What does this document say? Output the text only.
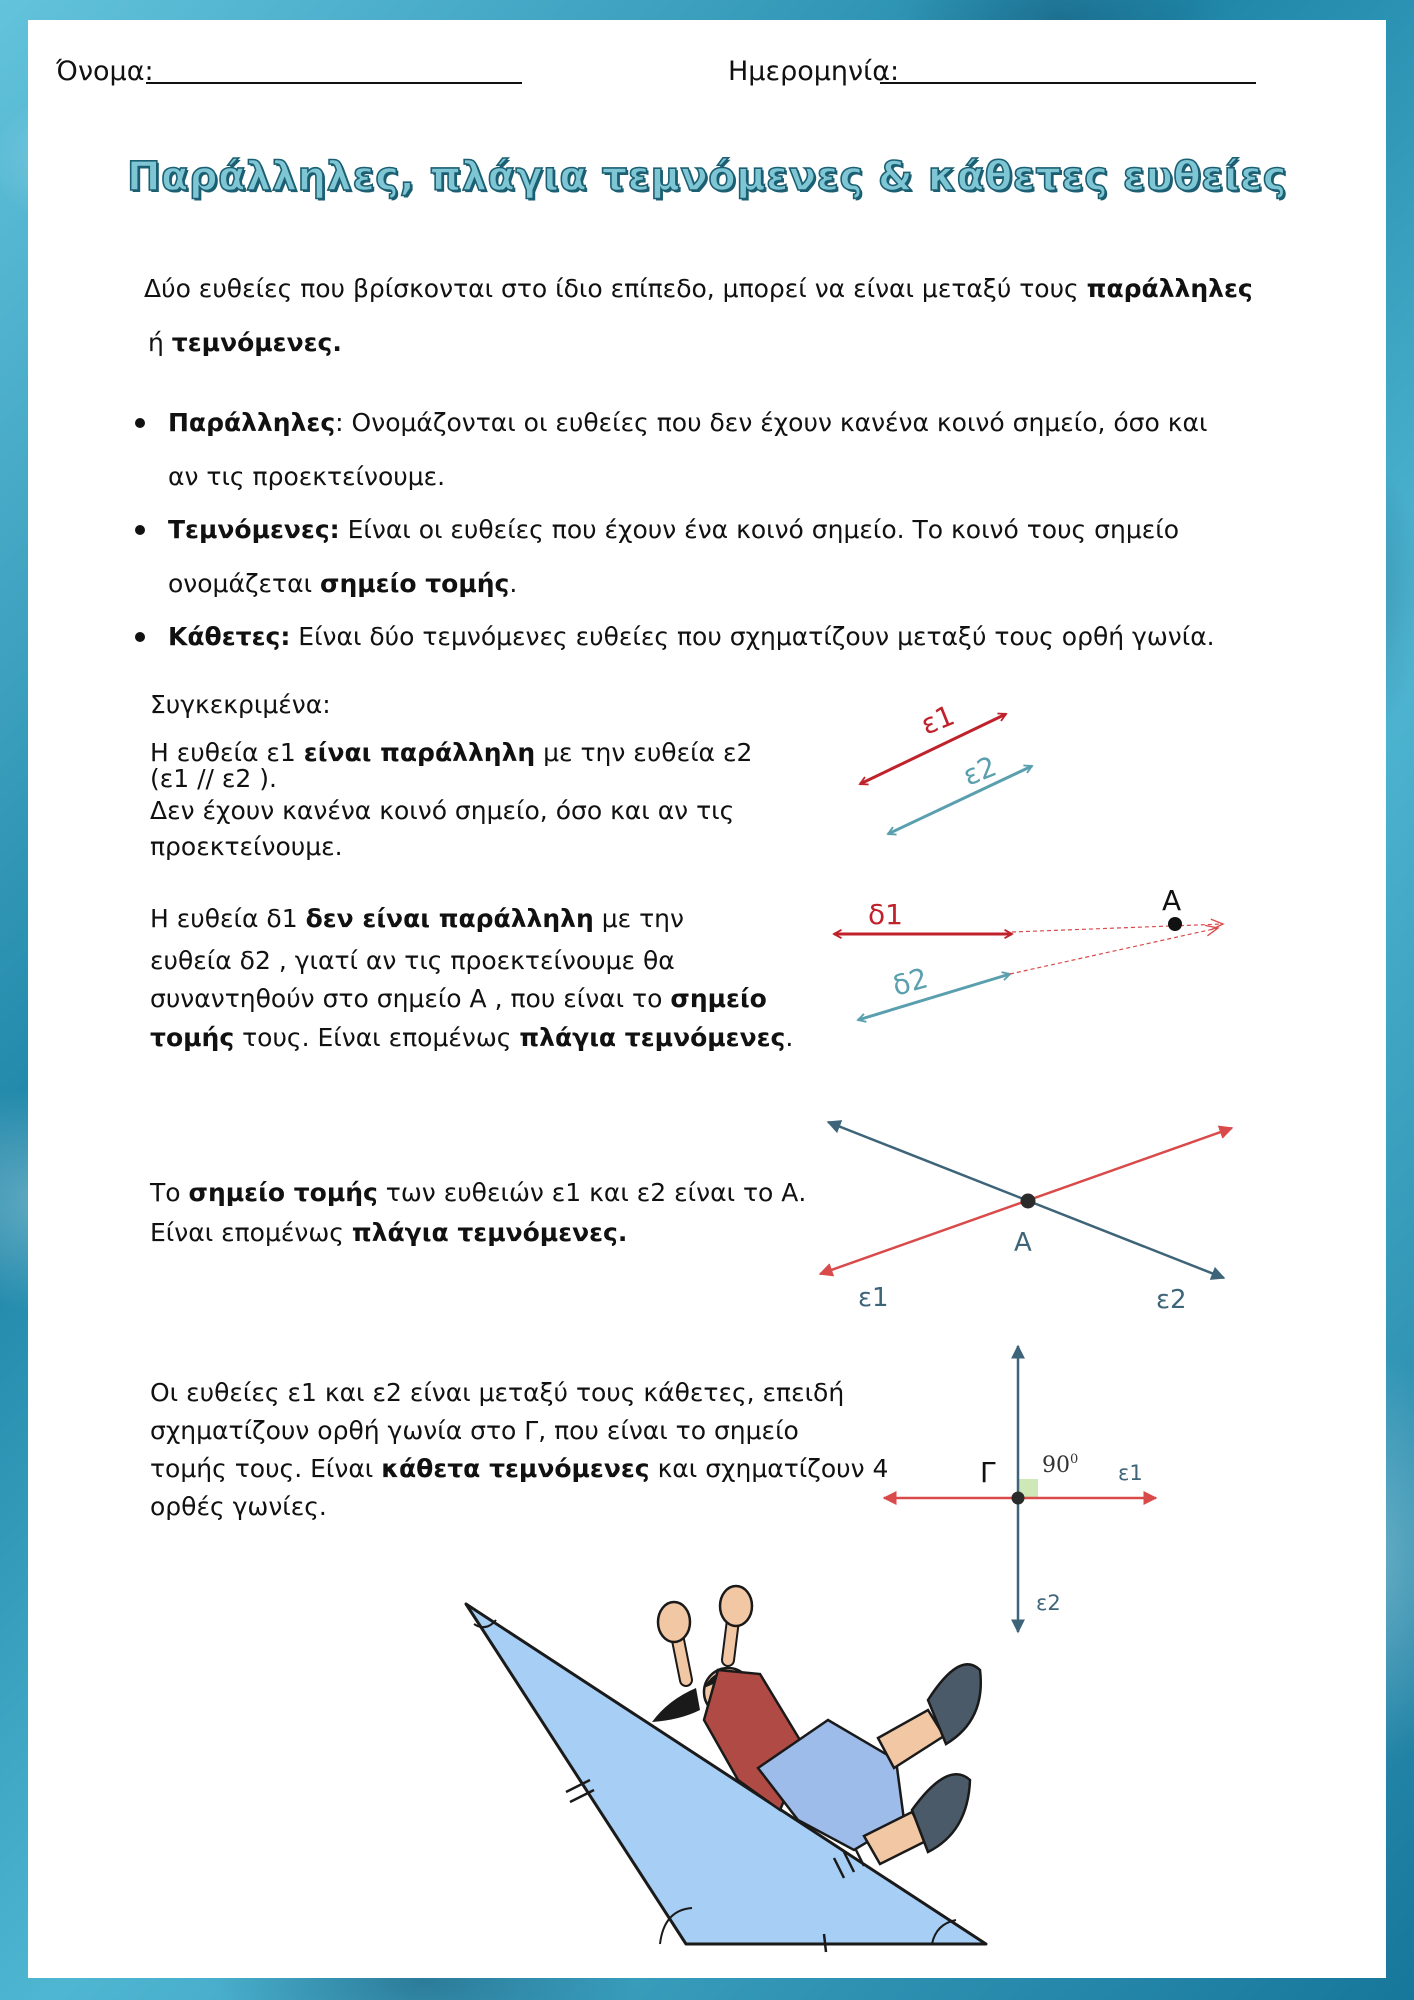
Όνομα:	Ημερομηνία:
Παράλληλες, πλάγια τεμνόμενες & κάθετες ευθείες
Δύο ευθείες που βρίσκονται στο ίδιο επίπεδο, μπορεί να είναι μεταξύ τους παράλληλες
ή τεμνόμενες.
Παράλληλες: Ονομάζονται οι ευθείες που δεν έχουν κανένα κοινό σημείο, όσο και
αν τις προεκτείνουμε.
Τεμνόμενες: Είναι οι ευθείες που έχουν ένα κοινό σημείο. Το κοινό τους σημείο
ονομάζεται σημείο τομής.
Κάθετες: Είναι δύο τεμνόμενες ευθείες που σχηματίζουν μεταξύ τους ορθή γωνία.
Συγκεκριμένα:
Η ευθεία ε1 είναι παράλληλη με την ευθεία ε2
(ε1 // ε2 ).
Δεν έχουν κανένα κοινό σημείο, όσο και αν τις
προεκτείνουμε.
Η ευθεία δ1 δεν είναι παράλληλη με την
ευθεία δ2 , γιατί αν τις προεκτείνουμε θα
συναντηθούν στο σημείο Α , που είναι το σημείο
τομής τους. Είναι επομένως πλάγια τεμνόμενες.
Το σημείο τομής των ευθειών ε1 και ε2 είναι το Α.
Είναι επομένως πλάγια τεμνόμενες.
Οι ευθείες ε1 και ε2 είναι μεταξύ τους κάθετες, επειδή
σχηματίζουν ορθή γωνία στο Γ, που είναι το σημείο
τομής τους. Είναι κάθετα τεμνόμενες και σχηματίζουν 4
ορθές γωνίες.
ε1
ε2
Α
δ1
δ2
Α
ε1	ε2
Γ $90^0$
ε1
ε2
